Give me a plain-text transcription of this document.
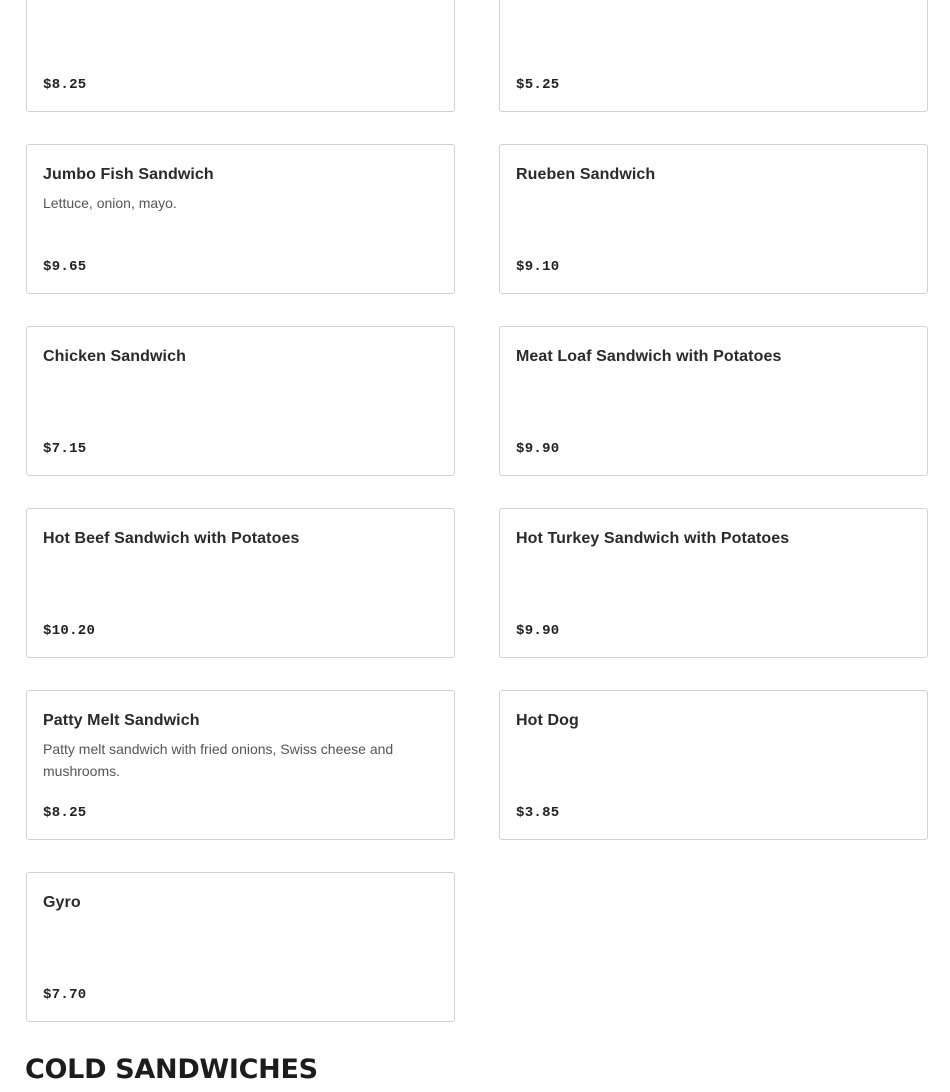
$8.25	$5.25
Jumbo Fish Sandwich

Lettuce, onion, mayo.

$9.65
Rueben Sandwich

$9.10
Chicken Sandwich

$7.15
Meat Loaf Sandwich with Potatoes

$9.90
Hot Beef Sandwich with Potatoes

$10.20
Hot Turkey Sandwich with Potatoes

$9.90
Patty Melt Sandwich

Patty melt sandwich with fried onions, Swiss cheese and mushrooms.

$8.25
Hot Dog

$3.85
Gyro

$7.70
COLD SANDWICHES
